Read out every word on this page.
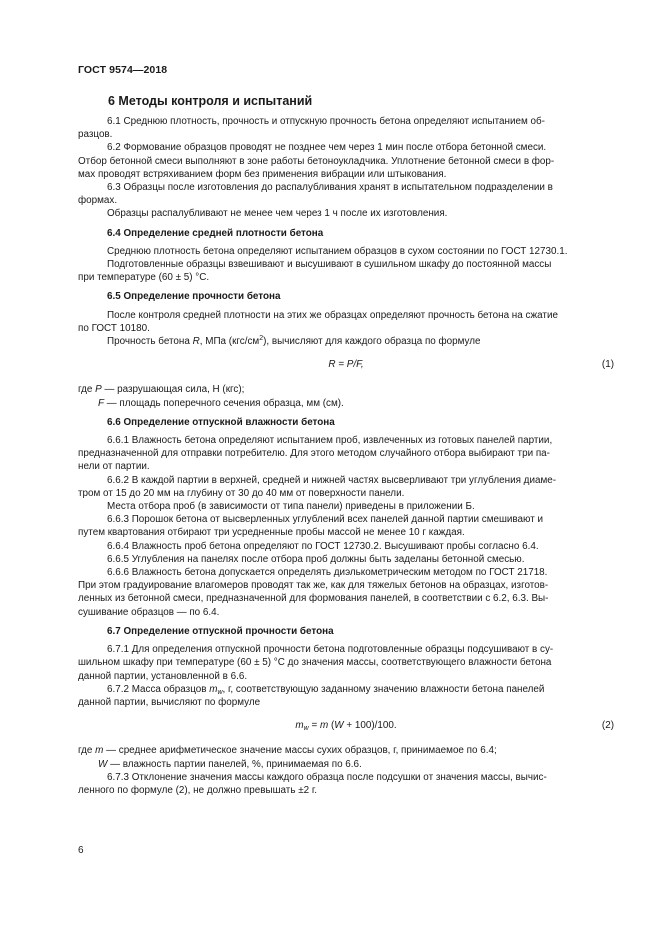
ГОСТ 9574—2018
6 Методы контроля и испытаний

6.1 Среднюю плотность, прочность и отпускную прочность бетона определяют испытанием об-

разцов.

6.2 Формование образцов проводят не позднее чем через 1 мин после отбора бетонной смеси.

Отбор бетонной смеси выполняют в зоне работы бетоноукладчика. Уплотнение бетонной смеси в фор-

мах проводят встряхиванием форм без применения вибрации или штыкования.

6.3 Образцы после изготовления до распалубливания хранят в испытательном подразделении в

формах.

Образцы распалубливают не менее чем через 1 ч после их изготовления.

6.4 Определение средней плотности бетона

Среднюю плотность бетона определяют испытанием образцов в сухом состоянии по ГОСТ 12730.1.

Подготовленные образцы взвешивают и высушивают в сушильном шкафу до постоянной массы

при температуре (60 ± 5) °С.

6.5 Определение прочности бетона

После контроля средней плотности на этих же образцах определяют прочность бетона на сжатие

по ГОСТ 10180.

Прочность бетона R, МПа $(кгс/см^2)$, вычисляют для каждого образца по формуле

R = P/F,	(1)

где P — разрушающая сила, Н (кгс);

F — площадь поперечного сечения образца, мм (см).

6.6 Определение отпускной влажности бетона

6.6.1 Влажность бетона определяют испытанием проб, извлеченных из готовых панелей партии,

предназначенной для отправки потребителю. Для этого методом случайного отбора выбирают три па-

нели от партии.

6.6.2 В каждой партии в верхней, средней и нижней частях высверливают три углубления диаме-

тром от 15 до 20 мм на глубину от 30 до 40 мм от поверхности панели.

Места отбора проб (в зависимости от типа панели) приведены в приложении Б.

6.6.3 Порошок бетона от высверленных углублений всех панелей данной партии смешивают и

путем квартования отбирают три усредненные пробы массой не менее 10 г каждая.

6.6.4 Влажность проб бетона определяют по ГОСТ 12730.2. Высушивают пробы согласно 6.4.

6.6.5 Углубления на панелях после отбора проб должны быть заделаны бетонной смесью.

6.6.6 Влажность бетона допускается определять диэлькометрическим методом по ГОСТ 21718.

При этом градуирование влагомеров проводят так же, как для тяжелых бетонов на образцах, изготов-

ленных из бетонной смеси, предназначенной для формования панелей, в соответствии с 6.2, 6.3. Вы-

сушивание образцов — по 6.4.

6.7 Определение отпускной прочности бетона

6.7.1 Для определения отпускной прочности бетона подготовленные образцы подсушивают в су-

шильном шкафу при температуре (60 ± 5) °С до значения массы, соответствующего влажности бетона

данной партии, установленной в 6.6.

6.7.2 Масса образцов $m_w$, г, соответствующую заданному значению влажности бетона панелей

данной партии, вычисляют по формуле

$m_w = m$ (W + 100)/100.	(2)

где m — среднее арифметическое значение массы сухих образцов, г, принимаемое по 6.4;

W — влажность партии панелей, %, принимаемая по 6.6.

6.7.3 Отклонение значения массы каждого образца после подсушки от значения массы, вычис-

ленного по формуле (2), не должно превышать ±2 г.

6
